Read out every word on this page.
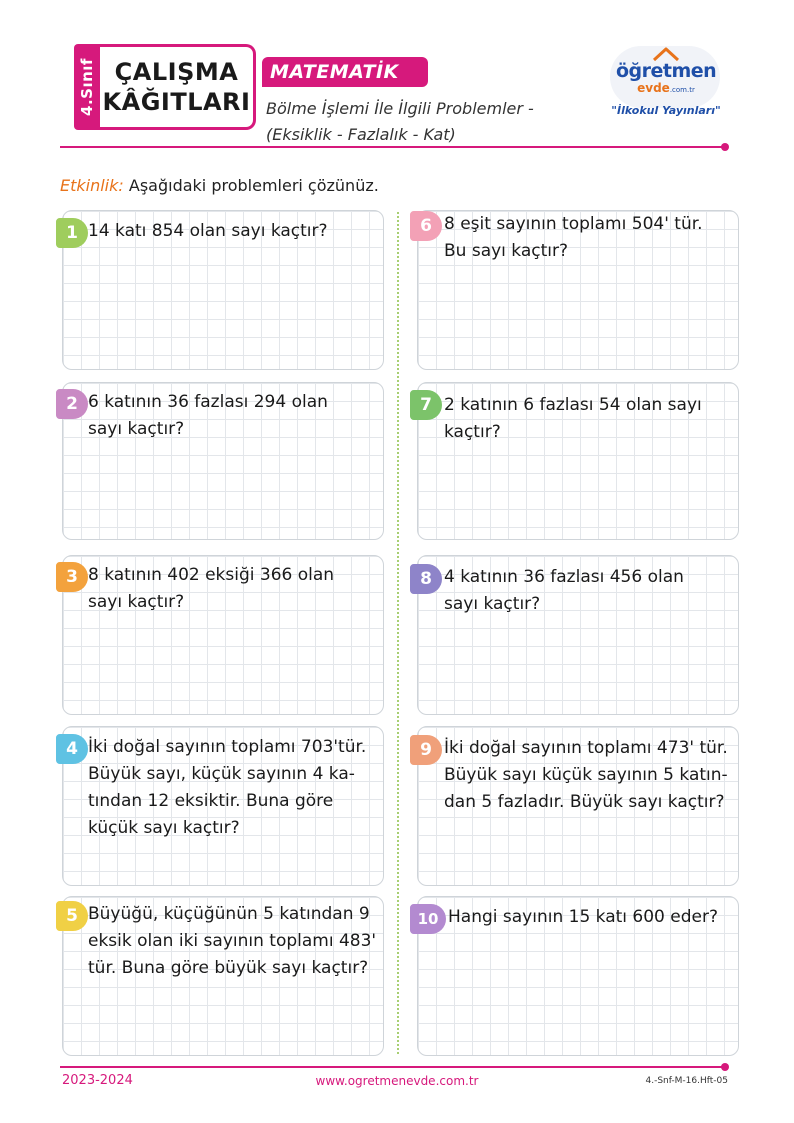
4.Sınıf ÇALIŞMA
KÂĞITLARI
MATEMATİK
Bölme İşlemi İle İlgili Problemler -
(Eksiklik - Fazlalık - Kat)
öğretmen
evde.com.tr
"İlkokul Yayınları"
Etkinlik: Aşağıdaki problemleri çözünüz.
1 14 katı 854 olan sayı kaçtır?
2 6 katının 36 fazlası 294 olan
sayı kaçtır?
3 8 katının 402 eksiği 366 olan
sayı kaçtır?
4 İki doğal sayının toplamı 703'tür.
Büyük sayı, küçük sayının 4 ka-
tından 12 eksiktir. Buna göre
küçük sayı kaçtır?
5 Büyüğü, küçüğünün 5 katından 9
eksik olan iki sayının toplamı 483'
tür. Buna göre büyük sayı kaçtır?
6 8 eşit sayının toplamı 504' tür.
Bu sayı kaçtır?
7 2 katının 6 fazlası 54 olan sayı
kaçtır?
8 4 katının 36 fazlası 456 olan
sayı kaçtır?
9 İki doğal sayının toplamı 473' tür.
Büyük sayı küçük sayının 5 katın-
dan 5 fazladır. Büyük sayı kaçtır?
10 Hangi sayının 15 katı 600 eder?
2023-2024	www.ogretmenevde.com.tr	4.-Snf-M-16.Hft-05
